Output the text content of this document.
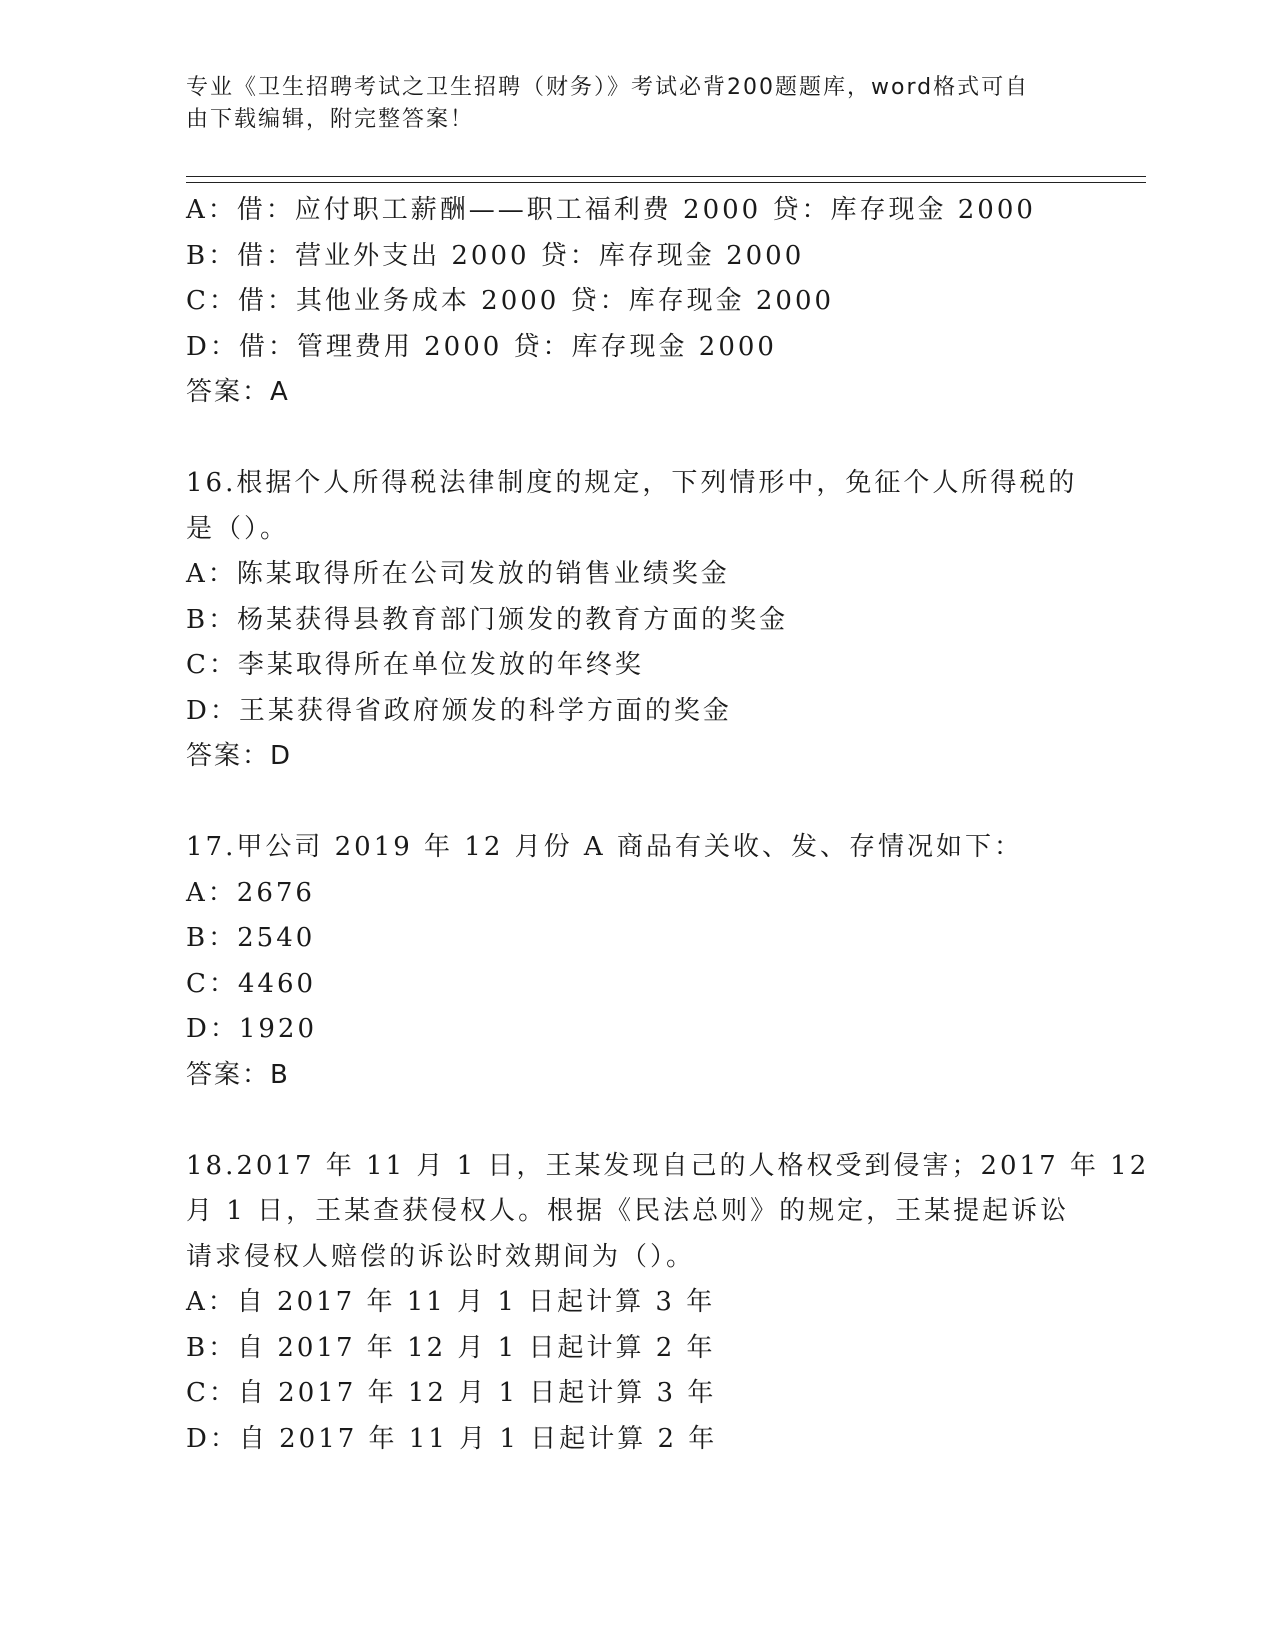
专业《卫生招聘考试之卫生招聘（财务）》考试必背200题题库，word格式可自
由下载编辑，附完整答案！
A：借：应付职工薪酬——职工福利费 2000 贷：库存现金 2000
B：借：营业外支出 2000 贷：库存现金 2000
C：借：其他业务成本 2000 贷：库存现金 2000
D：借：管理费用 2000 贷：库存现金 2000
答案：A
16.根据个人所得税法律制度的规定，下列情形中，免征个人所得税的
是（）。
A：陈某取得所在公司发放的销售业绩奖金
B：杨某获得县教育部门颁发的教育方面的奖金
C：李某取得所在单位发放的年终奖
D：王某获得省政府颁发的科学方面的奖金
答案：D
17.甲公司 2019 年 12 月份 A 商品有关收、发、存情况如下：
A：2676
B：2540
C：4460
D：1920
答案：B
18.2017 年 11 月 1 日，王某发现自己的人格权受到侵害；2017 年 12
月 1 日，王某查获侵权人。根据《民法总则》的规定，王某提起诉讼
请求侵权人赔偿的诉讼时效期间为（）。
A：自 2017 年 11 月 1 日起计算 3 年
B：自 2017 年 12 月 1 日起计算 2 年
C：自 2017 年 12 月 1 日起计算 3 年
D：自 2017 年 11 月 1 日起计算 2 年
